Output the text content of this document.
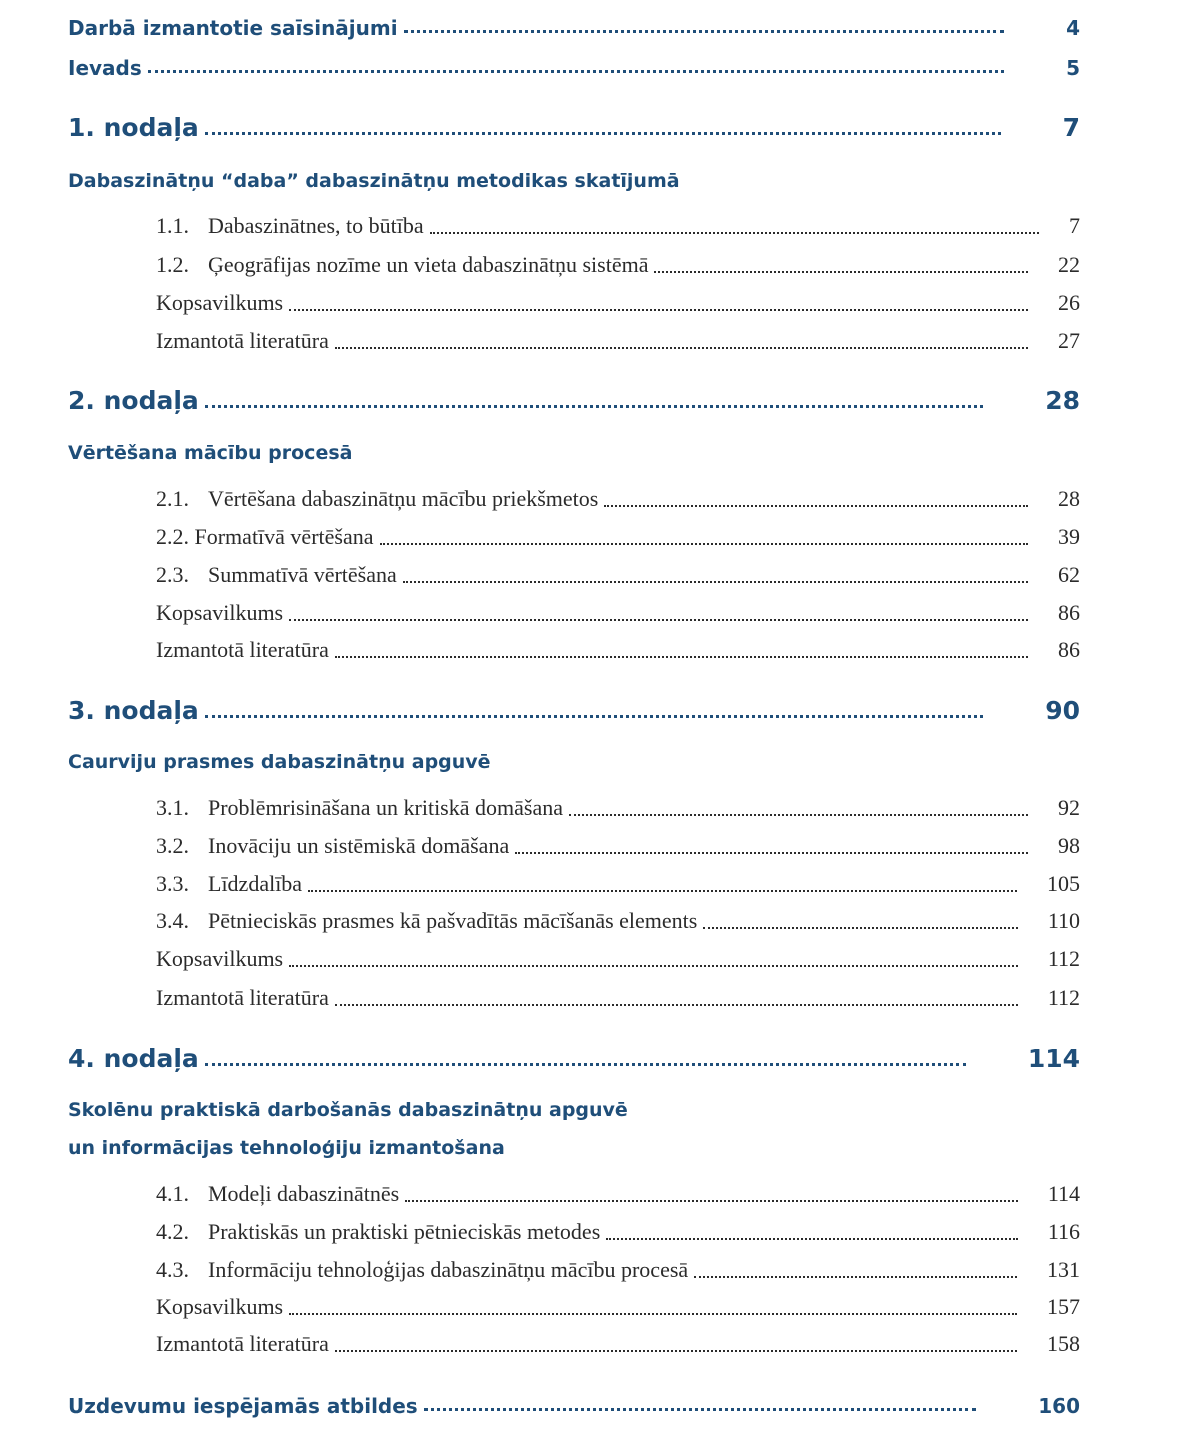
Darbā izmantotie saīsinājumi	4
Ievads	5
1. nodaļa	7
Dabaszinātņu “daba” dabaszinātņu metodikas skatījumā
1.1. Dabaszinātnes, to būtība	7
1.2. Ģeogrāfijas nozīme un vieta dabaszinātņu sistēmā	22
Kopsavilkums	26
Izmantotā literatūra	27
2. nodaļa	28
Vērtēšana mācību procesā
2.1. Vērtēšana dabaszinātņu mācību priekšmetos	28
2.2. Formatīvā vērtēšana	39
2.3. Summatīvā vērtēšana	62
Kopsavilkums	86
Izmantotā literatūra	86
3. nodaļa	90
Caurviju prasmes dabaszinātņu apguvē
3.1. Problēmrisināšana un kritiskā domāšana	92
3.2. Inovāciju un sistēmiskā domāšana	98
3.3. Līdzdalība	105
3.4. Pētnieciskās prasmes kā pašvadītās mācīšanās elements	110
Kopsavilkums	112
Izmantotā literatūra	112
4. nodaļa	114
Skolēnu praktiskā darbošanās dabaszinātņu apguvē
un informācijas tehnoloģiju izmantošana
4.1. Modeļi dabaszinātnēs	114
4.2. Praktiskās un praktiski pētnieciskās metodes	116
4.3. Informāciju tehnoloģijas dabaszinātņu mācību procesā	131
Kopsavilkums	157
Izmantotā literatūra	158
Uzdevumu iespējamās atbildes	160
